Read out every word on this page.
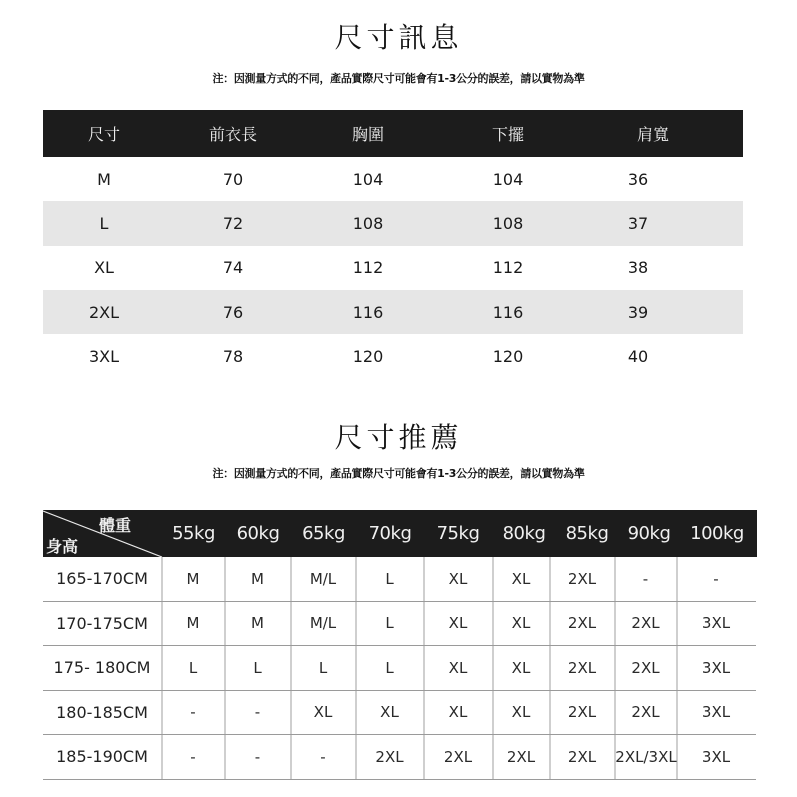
尺寸訊息
注：因測量方式的不同，產品實際尺寸可能會有1-3公分的誤差，請以實物為準
尺寸	前衣長	胸圍	下擺	肩寬
M	70	104	104	36
L	72	108	108	37
XL	74	112	112	38
2XL	76	116	116	39
3XL	78	120	120	40
尺寸推薦
注：因測量方式的不同，產品實際尺寸可能會有1-3公分的誤差，請以實物為準
體重
身高
55kg	60kg	65kg	70kg	75kg	80kg	85kg	90kg	100kg
165-170CM	M	M	M/L	L	XL	XL	2XL	-	-
170-175CM	M	M	M/L	L	XL	XL	2XL	2XL	3XL
175- 180CM	L	L	L	L	XL	XL	2XL	2XL	3XL
180-185CM	-	-	XL	XL	XL	XL	2XL	2XL	3XL
185-190CM	-	-	-	2XL	2XL	2XL	2XL	2XL/3XL	3XL
